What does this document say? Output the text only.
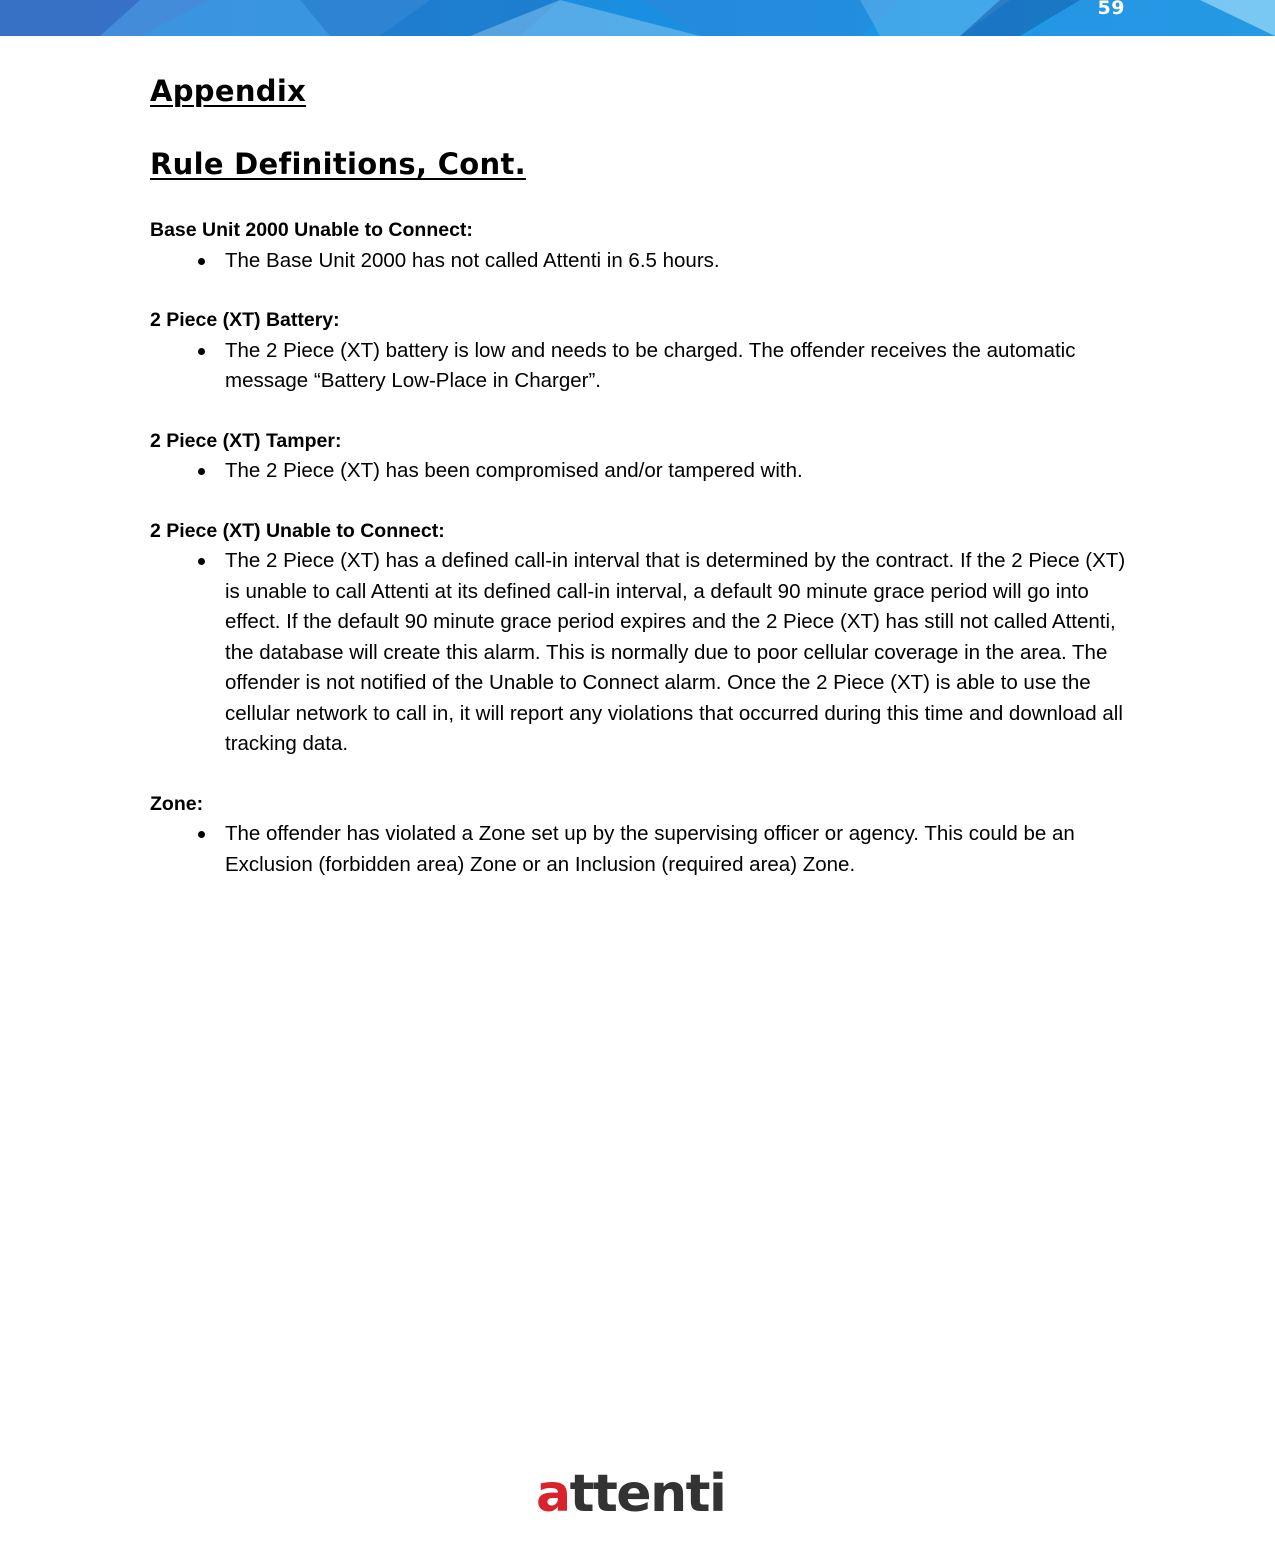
59
Appendix
Rule Definitions, Cont.

Base Unit 2000 Unable to Connect:

The Base Unit 2000 has not called Attenti in 6.5 hours.

2 Piece (XT) Battery:

The 2 Piece (XT) battery is low and needs to be charged. The offender receives the automatic message “Battery Low-Place in Charger”.

2 Piece (XT) Tamper:

The 2 Piece (XT) has been compromised and/or tampered with.

2 Piece (XT) Unable to Connect:

The 2 Piece (XT) has a defined call-in interval that is determined by the contract. If the 2 Piece (XT) is unable to call Attenti at its defined call-in interval, a default 90 minute grace period will go into effect. If the default 90 minute grace period expires and the 2 Piece (XT) has still not called Attenti, the database will create this alarm. This is normally due to poor cellular coverage in the area. The offender is not notified of the Unable to Connect alarm. Once the 2 Piece (XT) is able to use the cellular network to call in, it will report any violations that occurred during this time and download all tracking data.

Zone:

The offender has violated a Zone set up by the supervising officer or agency. This could be an Exclusion (forbidden area) Zone or an Inclusion (required area) Zone.
attenti
